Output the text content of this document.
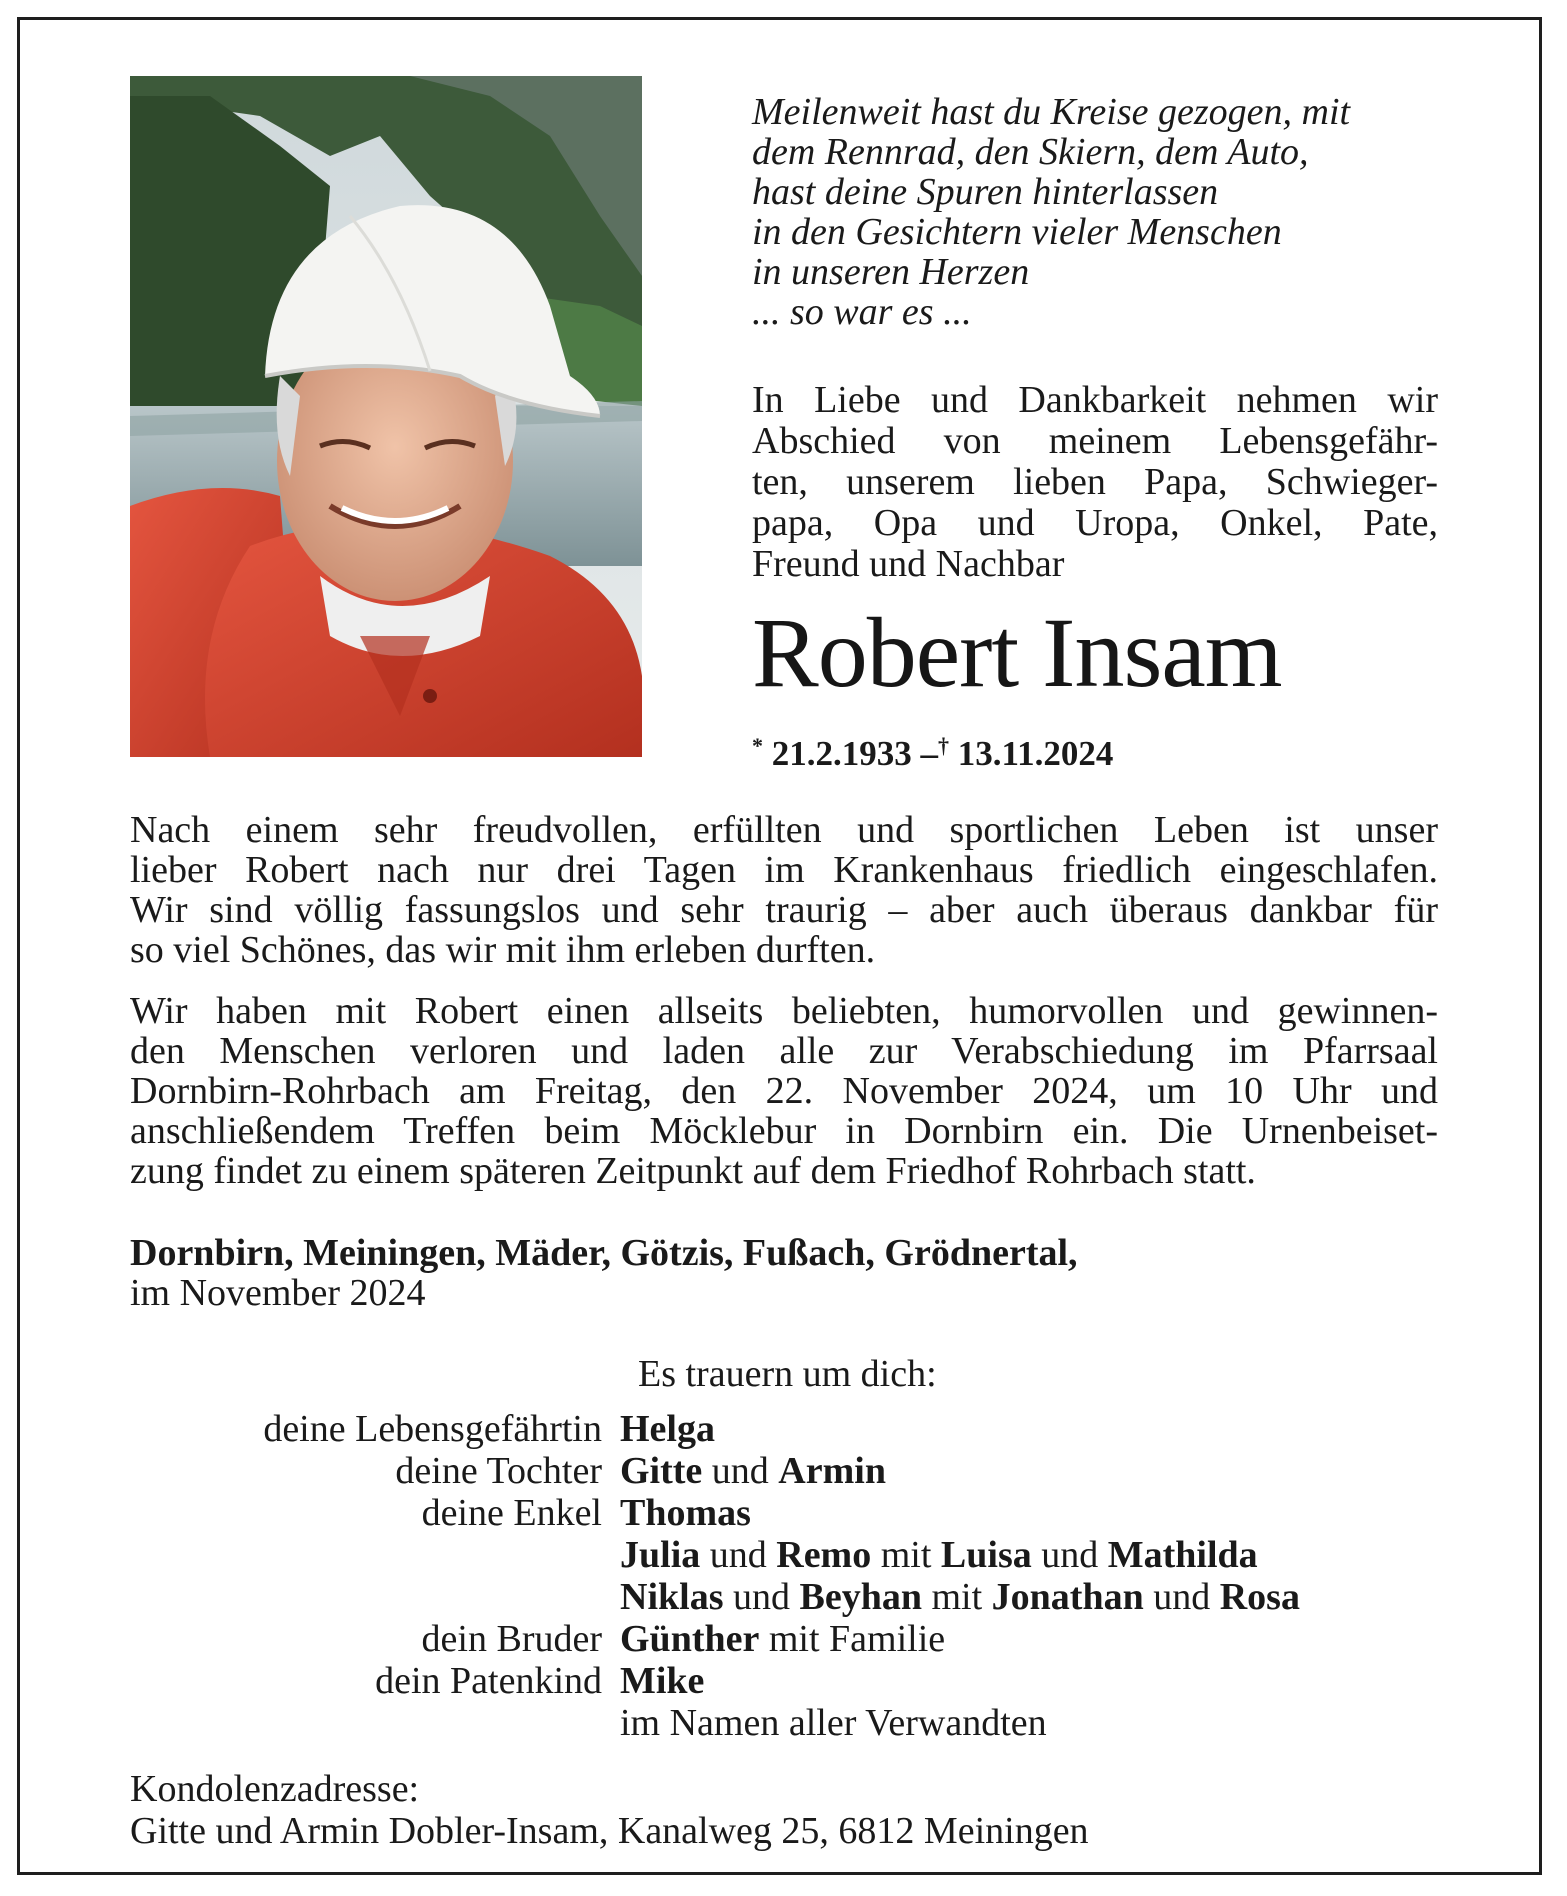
Meilenweit hast du Kreise gezogen, mit
dem Rennrad, den Skiern, dem Auto,
hast deine Spuren hinterlassen
in den Gesichtern vieler Menschen
in unseren Herzen
... so war es ...
In Liebe und Dankbarkeit nehmen wir
Abschied von meinem Lebensgefähr-
ten, unserem lieben Papa, Schwieger-
papa, Opa und Uropa, Onkel, Pate,
Freund und Nachbar
Robert Insam
* 21.2.1933 –† 13.11.2024
Nach einem sehr freudvollen, erfüllten und sportlichen Leben ist unser
lieber Robert nach nur drei Tagen im Krankenhaus friedlich eingeschlafen.
Wir sind völlig fassungslos und sehr traurig – aber auch überaus dankbar für
so viel Schönes, das wir mit ihm erleben durften.
Wir haben mit Robert einen allseits beliebten, humorvollen und gewinnen-
den Menschen verloren und laden alle zur Verabschiedung im Pfarrsaal
Dornbirn-Rohrbach am Freitag, den 22. November 2024, um 10 Uhr und
anschließendem Treffen beim Möcklebur in Dornbirn ein. Die Urnenbeiset-
zung findet zu einem späteren Zeitpunkt auf dem Friedhof Rohrbach statt.
Dornbirn, Meiningen, Mäder, Götzis, Fußach, Grödnertal,
im November 2024
Es trauern um dich:
deine Lebensgefährtin Helga
deine Tochter Gitte und Armin
deine Enkel Thomas
Julia und Remo mit Luisa und Mathilda
Niklas und Beyhan mit Jonathan und Rosa
dein Bruder Günther mit Familie
dein Patenkind Mike
im Namen aller Verwandten
Kondolenzadresse:
Gitte und Armin Dobler-Insam, Kanalweg 25, 6812 Meiningen
